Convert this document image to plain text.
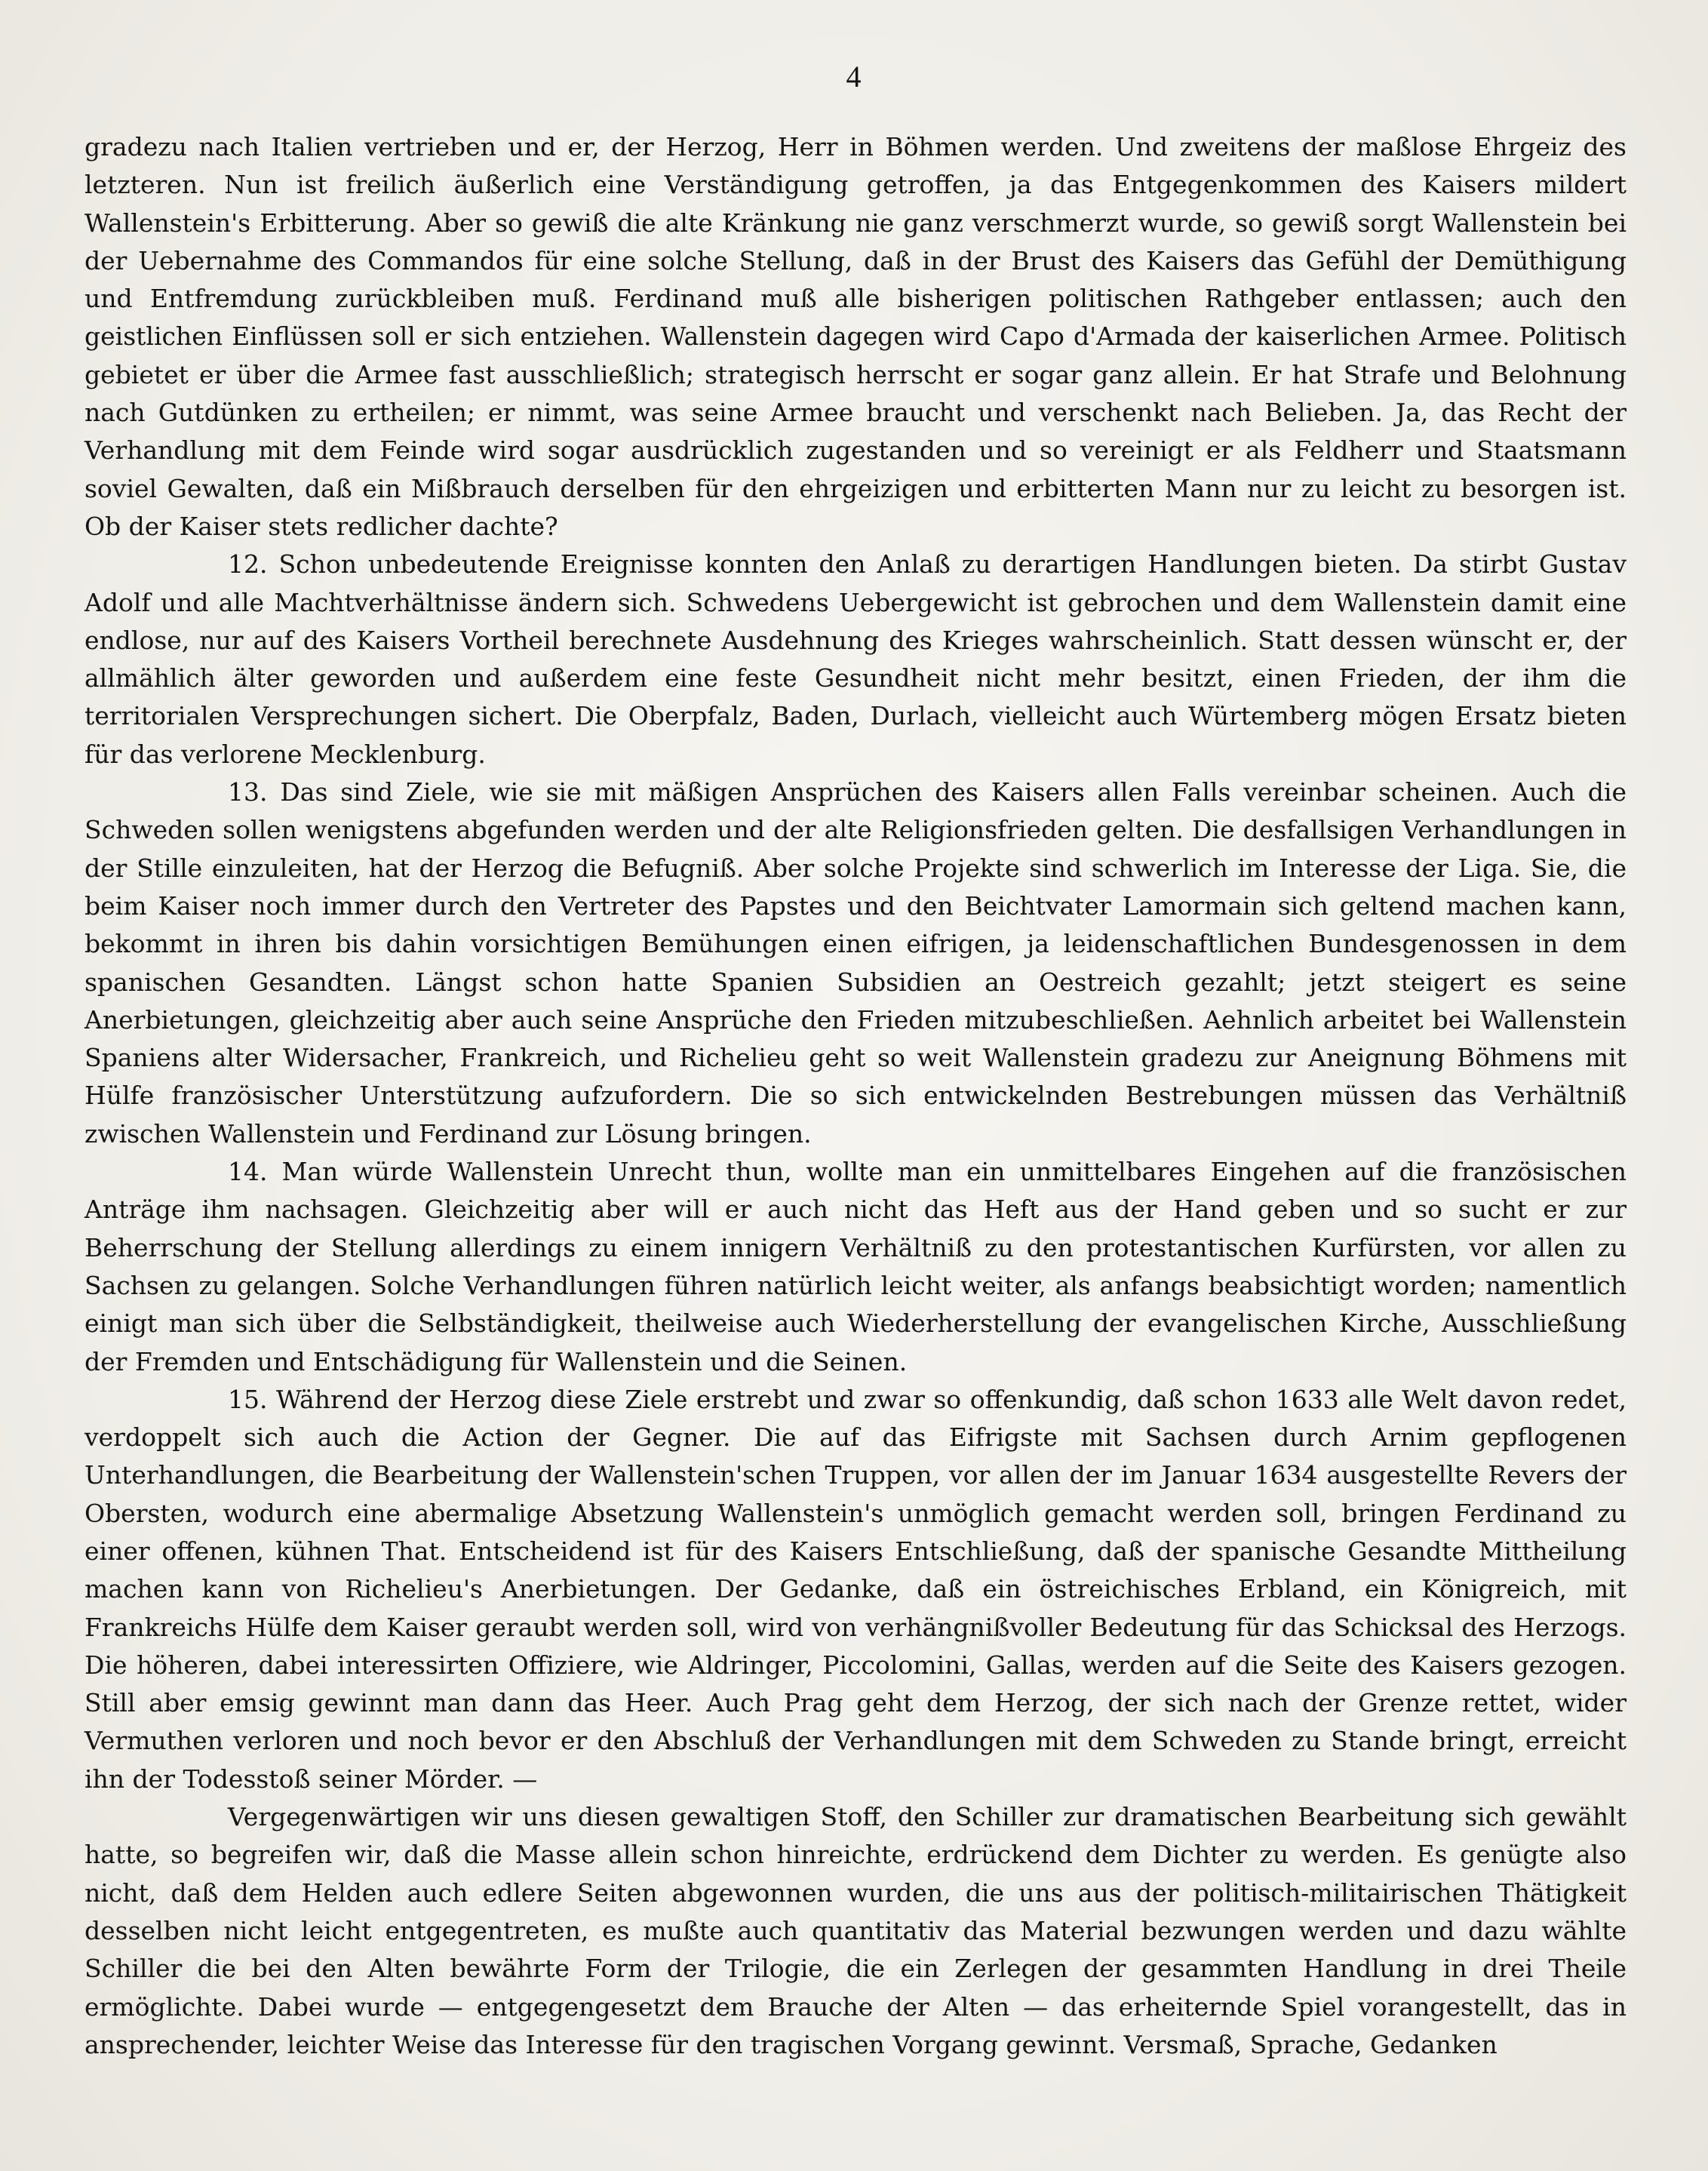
4

gradezu nach Italien vertrieben und er, der Herzog, Herr in Böhmen werden. Und zweitens der maßlose Ehrgeiz des letzteren. Nun ist freilich äußerlich eine Verständigung getroffen, ja das Entgegenkommen des Kaisers mildert Wallenstein's Erbitterung. Aber so gewiß die alte Kränkung nie ganz verschmerzt wurde, so gewiß sorgt Wallenstein bei der Uebernahme des Commandos für eine solche Stellung, daß in der Brust des Kaisers das Gefühl der Demüthigung und Entfremdung zurückbleiben muß. Ferdinand muß alle bisherigen politischen Rathgeber entlassen; auch den geistlichen Einflüssen soll er sich entziehen. Wallenstein dagegen wird Capo d'Armada der kaiserlichen Armee. Politisch gebietet er über die Armee fast ausschließlich; strategisch herrscht er sogar ganz allein. Er hat Strafe und Belohnung nach Gutdünken zu ertheilen; er nimmt, was seine Armee braucht und verschenkt nach Belieben. Ja, das Recht der Verhandlung mit dem Feinde wird sogar ausdrücklich zugestanden und so vereinigt er als Feldherr und Staatsmann soviel Gewalten, daß ein Mißbrauch derselben für den ehrgeizigen und erbitterten Mann nur zu leicht zu besorgen ist. Ob der Kaiser stets redlicher dachte?

12. Schon unbedeutende Ereignisse konnten den Anlaß zu derartigen Handlungen bieten. Da stirbt Gustav Adolf und alle Machtverhältnisse ändern sich. Schwedens Uebergewicht ist gebrochen und dem Wallenstein damit eine endlose, nur auf des Kaisers Vortheil berechnete Ausdehnung des Krieges wahrscheinlich. Statt dessen wünscht er, der allmählich älter geworden und außerdem eine feste Gesundheit nicht mehr besitzt, einen Frieden, der ihm die territorialen Versprechungen sichert. Die Oberpfalz, Baden, Durlach, vielleicht auch Würtemberg mögen Ersatz bieten für das verlorene Mecklenburg.

13. Das sind Ziele, wie sie mit mäßigen Ansprüchen des Kaisers allen Falls vereinbar scheinen. Auch die Schweden sollen wenigstens abgefunden werden und der alte Religionsfrieden gelten. Die desfallsigen Verhandlungen in der Stille einzuleiten, hat der Herzog die Befugniß. Aber solche Projekte sind schwerlich im Interesse der Liga. Sie, die beim Kaiser noch immer durch den Vertreter des Papstes und den Beichtvater Lamormain sich geltend machen kann, bekommt in ihren bis dahin vorsichtigen Bemühungen einen eifrigen, ja leidenschaftlichen Bundesgenossen in dem spanischen Gesandten. Längst schon hatte Spanien Subsidien an Oestreich gezahlt; jetzt steigert es seine Anerbietungen, gleichzeitig aber auch seine Ansprüche den Frieden mitzubeschließen. Aehnlich arbeitet bei Wallenstein Spaniens alter Widersacher, Frankreich, und Richelieu geht so weit Wallenstein gradezu zur Aneignung Böhmens mit Hülfe französischer Unterstützung aufzufordern. Die so sich entwickelnden Bestrebungen müssen das Verhältniß zwischen Wallenstein und Ferdinand zur Lösung bringen.

14. Man würde Wallenstein Unrecht thun, wollte man ein unmittelbares Eingehen auf die französischen Anträge ihm nachsagen. Gleichzeitig aber will er auch nicht das Heft aus der Hand geben und so sucht er zur Beherrschung der Stellung allerdings zu einem innigern Verhältniß zu den protestantischen Kurfürsten, vor allen zu Sachsen zu gelangen. Solche Verhandlungen führen natürlich leicht weiter, als anfangs beabsichtigt worden; namentlich einigt man sich über die Selbständigkeit, theilweise auch Wiederherstellung der evangelischen Kirche, Ausschließung der Fremden und Entschädigung für Wallenstein und die Seinen.

15. Während der Herzog diese Ziele erstrebt und zwar so offenkundig, daß schon 1633 alle Welt davon redet, verdoppelt sich auch die Action der Gegner. Die auf das Eifrigste mit Sachsen durch Arnim gepflogenen Unterhandlungen, die Bearbeitung der Wallenstein'schen Truppen, vor allen der im Januar 1634 ausgestellte Revers der Obersten, wodurch eine abermalige Absetzung Wallenstein's unmöglich gemacht werden soll, bringen Ferdinand zu einer offenen, kühnen That. Entscheidend ist für des Kaisers Entschließung, daß der spanische Gesandte Mittheilung machen kann von Richelieu's Anerbietungen. Der Gedanke, daß ein östreichisches Erbland, ein Königreich, mit Frankreichs Hülfe dem Kaiser geraubt werden soll, wird von verhängnißvoller Bedeutung für das Schicksal des Herzogs. Die höheren, dabei interessirten Offiziere, wie Aldringer, Piccolomini, Gallas, werden auf die Seite des Kaisers gezogen. Still aber emsig gewinnt man dann das Heer. Auch Prag geht dem Herzog, der sich nach der Grenze rettet, wider Vermuthen verloren und noch bevor er den Abschluß der Verhandlungen mit dem Schweden zu Stande bringt, erreicht ihn der Todesstoß seiner Mörder. —

Vergegenwärtigen wir uns diesen gewaltigen Stoff, den Schiller zur dramatischen Bearbeitung sich gewählt hatte, so begreifen wir, daß die Masse allein schon hinreichte, erdrückend dem Dichter zu werden. Es genügte also nicht, daß dem Helden auch edlere Seiten abgewonnen wurden, die uns aus der politisch-militairischen Thätigkeit desselben nicht leicht entgegentreten, es mußte auch quantitativ das Material bezwungen werden und dazu wählte Schiller die bei den Alten bewährte Form der Trilogie, die ein Zerlegen der gesammten Handlung in drei Theile ermöglichte. Dabei wurde — entgegengesetzt dem Brauche der Alten — das erheiternde Spiel vorangestellt, das in ansprechender, leichter Weise das Interesse für den tragischen Vorgang gewinnt. Versmaß, Sprache, Gedanken
